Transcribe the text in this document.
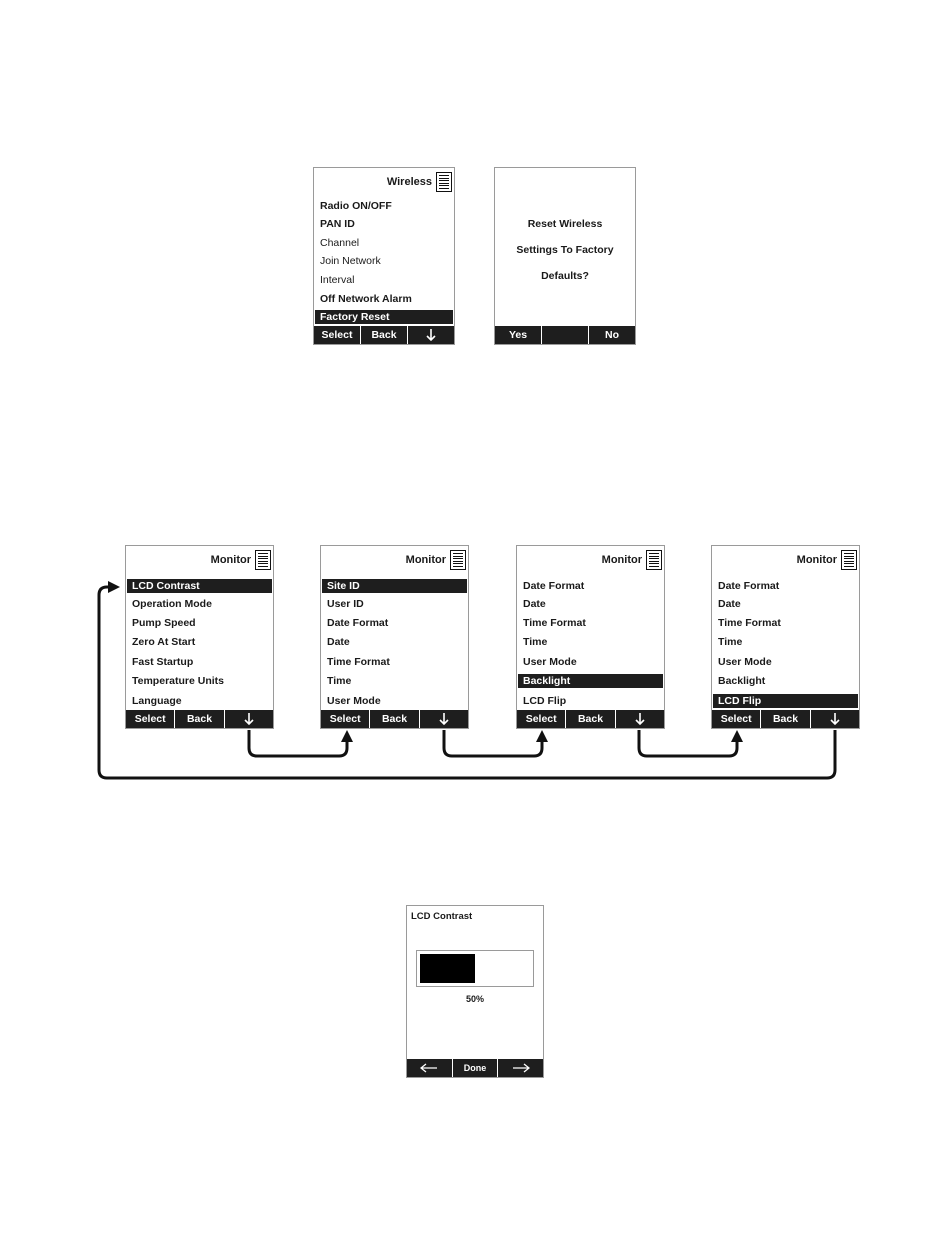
Wireless
Radio ON/OFF
PAN ID
Channel
Join Network
Interval
Off Network Alarm
Factory Reset
Select	Back
Reset Wireless
Settings To Factory
Defaults?
Yes	No
Monitor
LCD Contrast
Operation Mode
Pump Speed
Zero At Start
Fast Startup
Temperature Units
Language
Select	Back
Monitor
Site ID
User ID
Date Format
Date
Time Format
Time
User Mode
Select	Back
Monitor
Date Format
Date
Time Format
Time
User Mode
Backlight
LCD Flip
Select	Back
Monitor
Date Format
Date
Time Format
Time
User Mode
Backlight
LCD Flip
Select	Back
LCD Contrast
50%
Done
